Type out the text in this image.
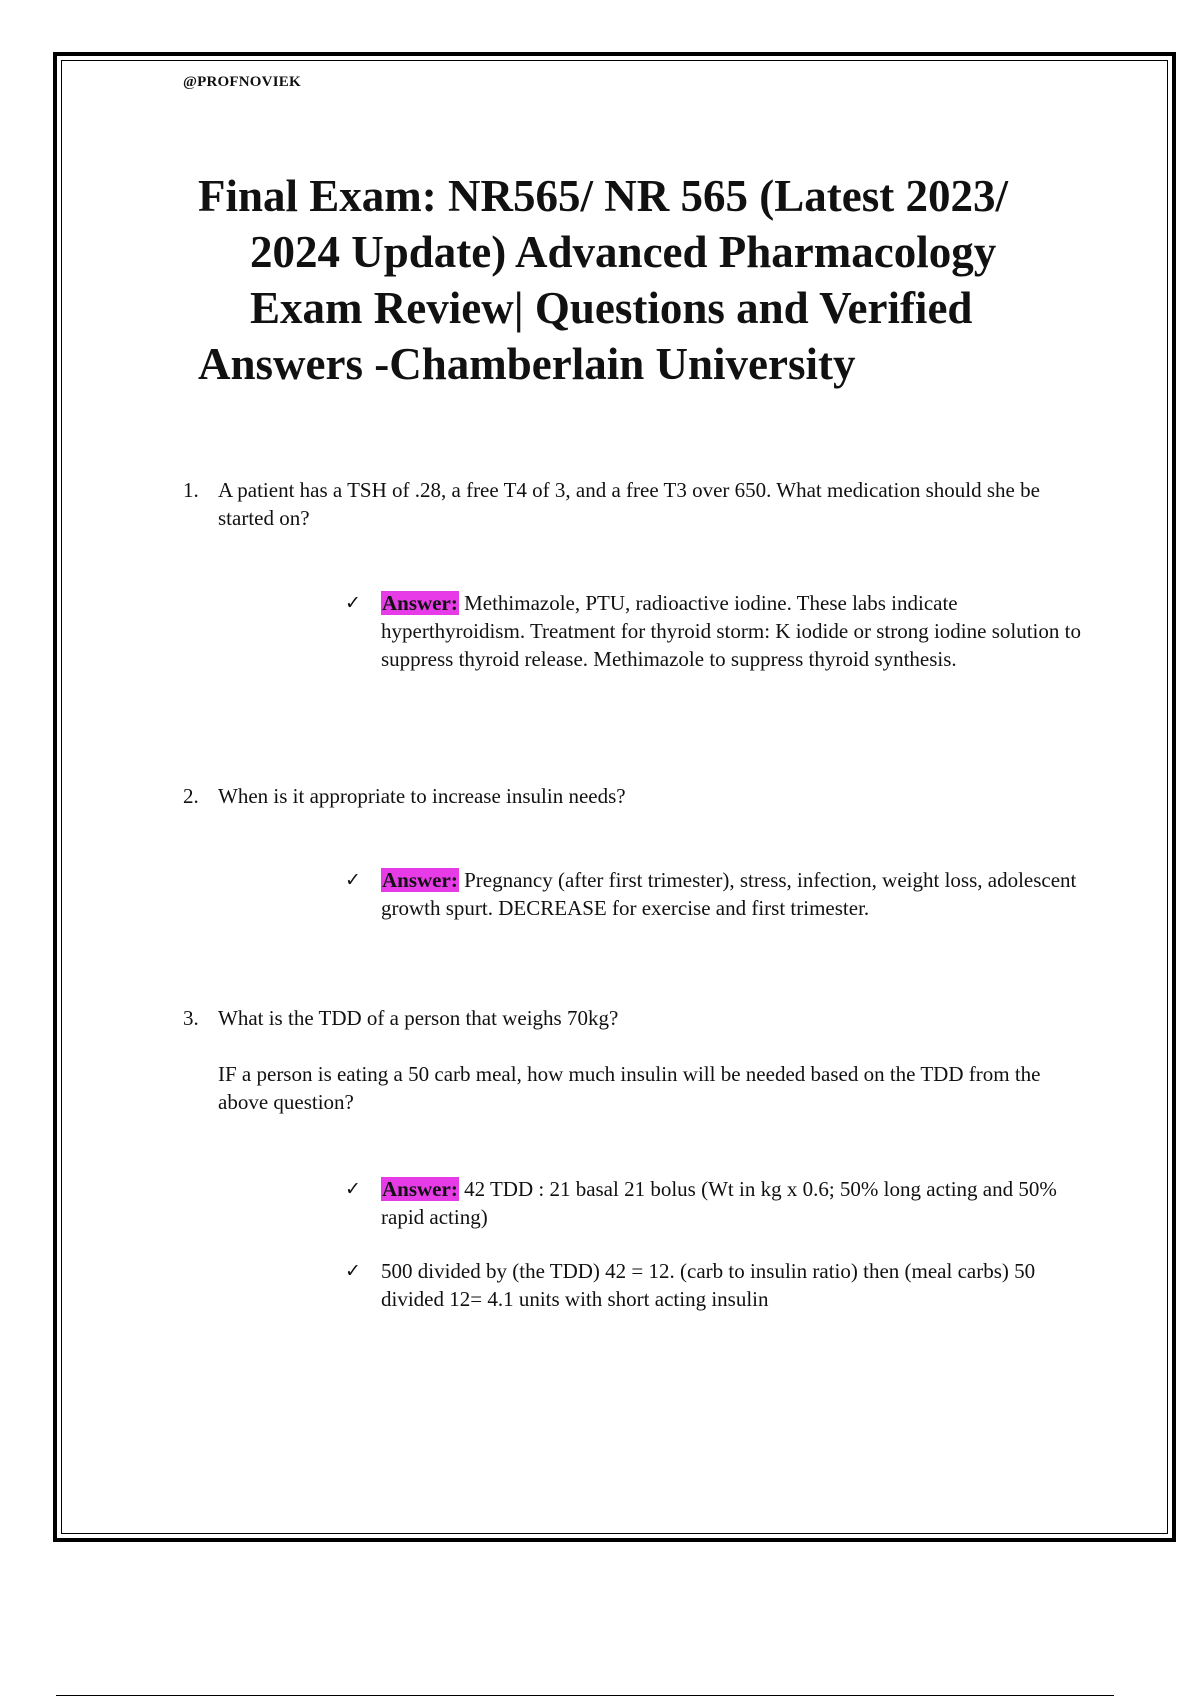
@PROFNOVIEK
Final Exam: NR565/ NR 565 (Latest 2023/
2024 Update) Advanced Pharmacology
Exam Review| Questions and Verified
Answers -Chamberlain University
1. A patient has a TSH of .28, a free T4 of 3, and a free T3 over 650. What medication should she be started on?
✓ Answer: Methimazole, PTU, radioactive iodine. These labs indicate hyperthyroidism. Treatment for thyroid storm: K iodide or strong iodine solution to suppress thyroid release. Methimazole to suppress thyroid synthesis.
2. When is it appropriate to increase insulin needs?
✓ Answer: Pregnancy (after first trimester), stress, infection, weight loss, adolescent growth spurt. DECREASE for exercise and first trimester.
3. What is the TDD of a person that weighs 70kg?
IF a person is eating a 50 carb meal, how much insulin will be needed based on the TDD from the above question?
✓ Answer: 42 TDD : 21 basal 21 bolus (Wt in kg x 0.6; 50% long acting and 50% rapid acting)
✓ 500 divided by (the TDD) 42 = 12. (carb to insulin ratio) then (meal carbs) 50 divided 12= 4.1 units with short acting insulin
